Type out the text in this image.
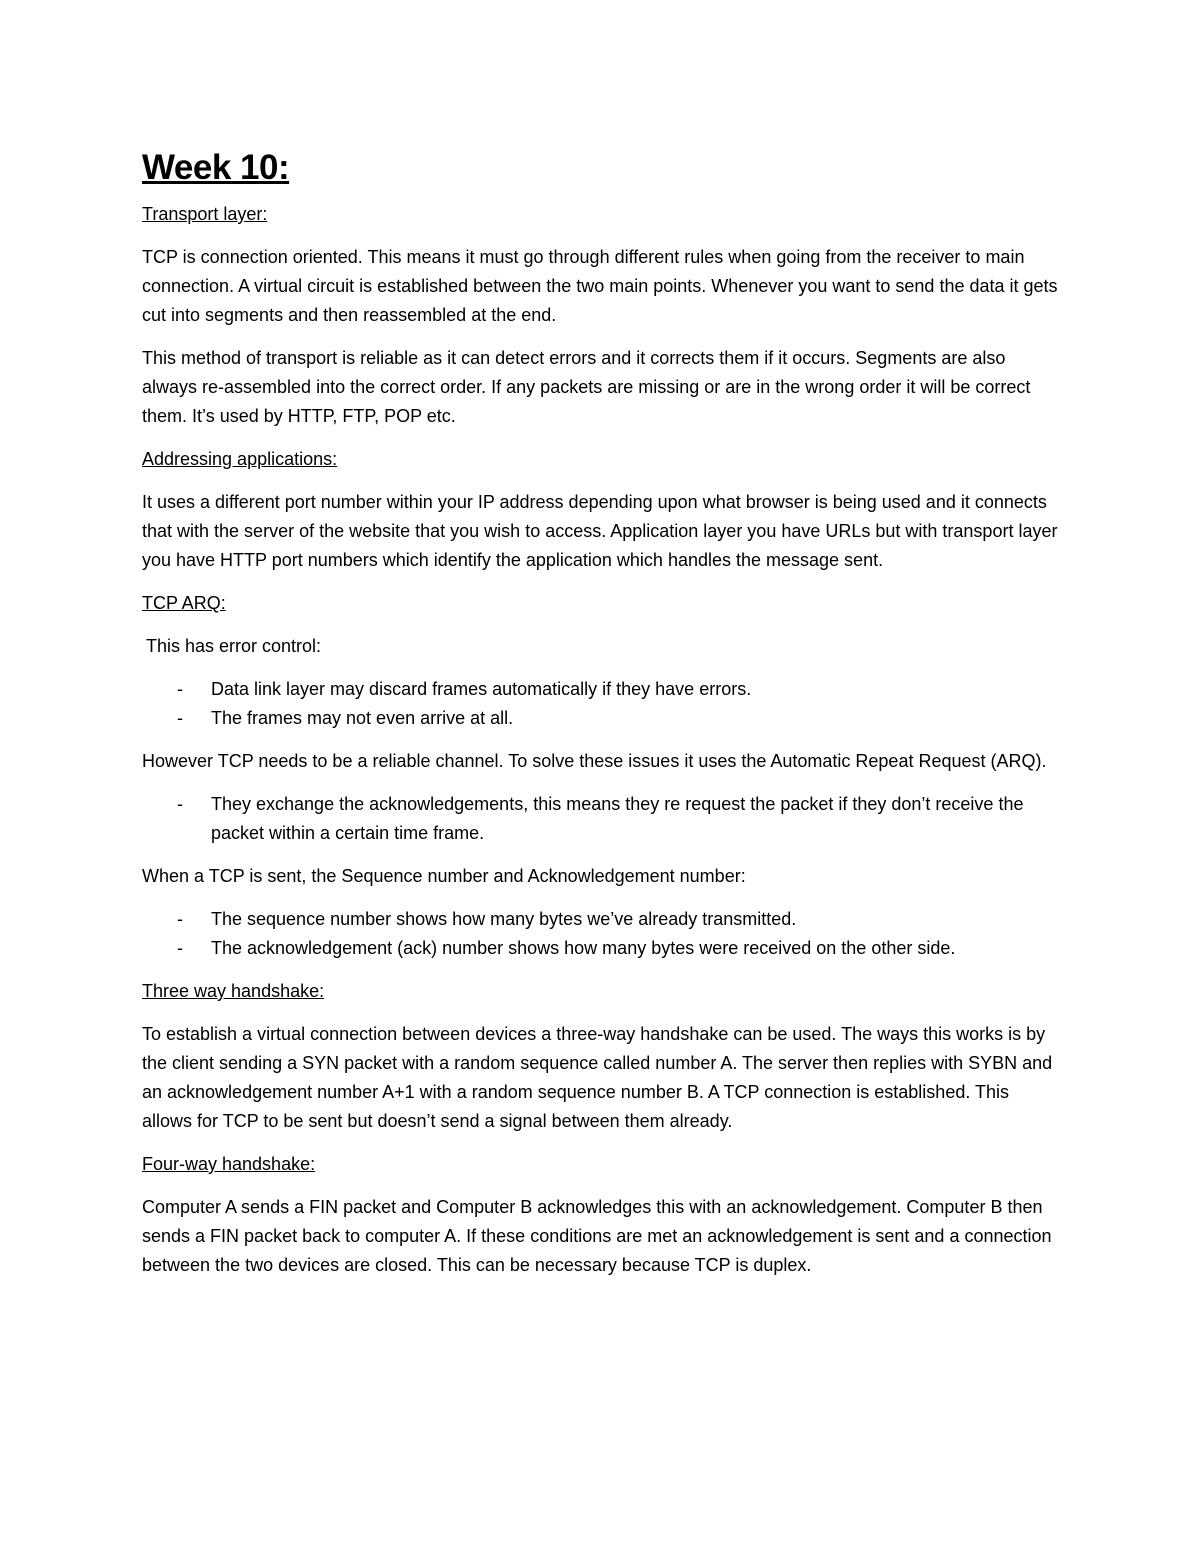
Week 10:
Transport layer:

TCP is connection oriented. This means it must go through different rules when going from the receiver to main connection. A virtual circuit is established between the two main points. Whenever you want to send the data it gets cut into segments and then reassembled at the end.

This method of transport is reliable as it can detect errors and it corrects them if it occurs. Segments are also always re-assembled into the correct order. If any packets are missing or are in the wrong order it will be correct them. It’s used by HTTP, FTP, POP etc.

Addressing applications:

It uses a different port number within your IP address depending upon what browser is being used and it connects that with the server of the website that you wish to access. Application layer you have URLs but with transport layer you have HTTP port numbers which identify the application which handles the message sent.

TCP ARQ:

This has error control:

- Data link layer may discard frames automatically if they have errors.
- The frames may not even arrive at all.

However TCP needs to be a reliable channel. To solve these issues it uses the Automatic Repeat Request (ARQ).

- They exchange the acknowledgements, this means they re request the packet if they don’t receive the packet within a certain time frame.

When a TCP is sent, the Sequence number and Acknowledgement number:

- The sequence number shows how many bytes we’ve already transmitted.
- The acknowledgement (ack) number shows how many bytes were received on the other side.
Three way handshake:

To establish a virtual connection between devices a three-way handshake can be used. The ways this works is by the client sending a SYN packet with a random sequence called number A. The server then replies with SYBN and an acknowledgement number A+1 with a random sequence number B. A TCP connection is established. This allows for TCP to be sent but doesn’t send a signal between them already.

Four-way handshake:

Computer A sends a FIN packet and Computer B acknowledges this with an acknowledgement. Computer B then sends a FIN packet back to computer A. If these conditions are met an acknowledgement is sent and a connection between the two devices are closed. This can be necessary because TCP is duplex.
